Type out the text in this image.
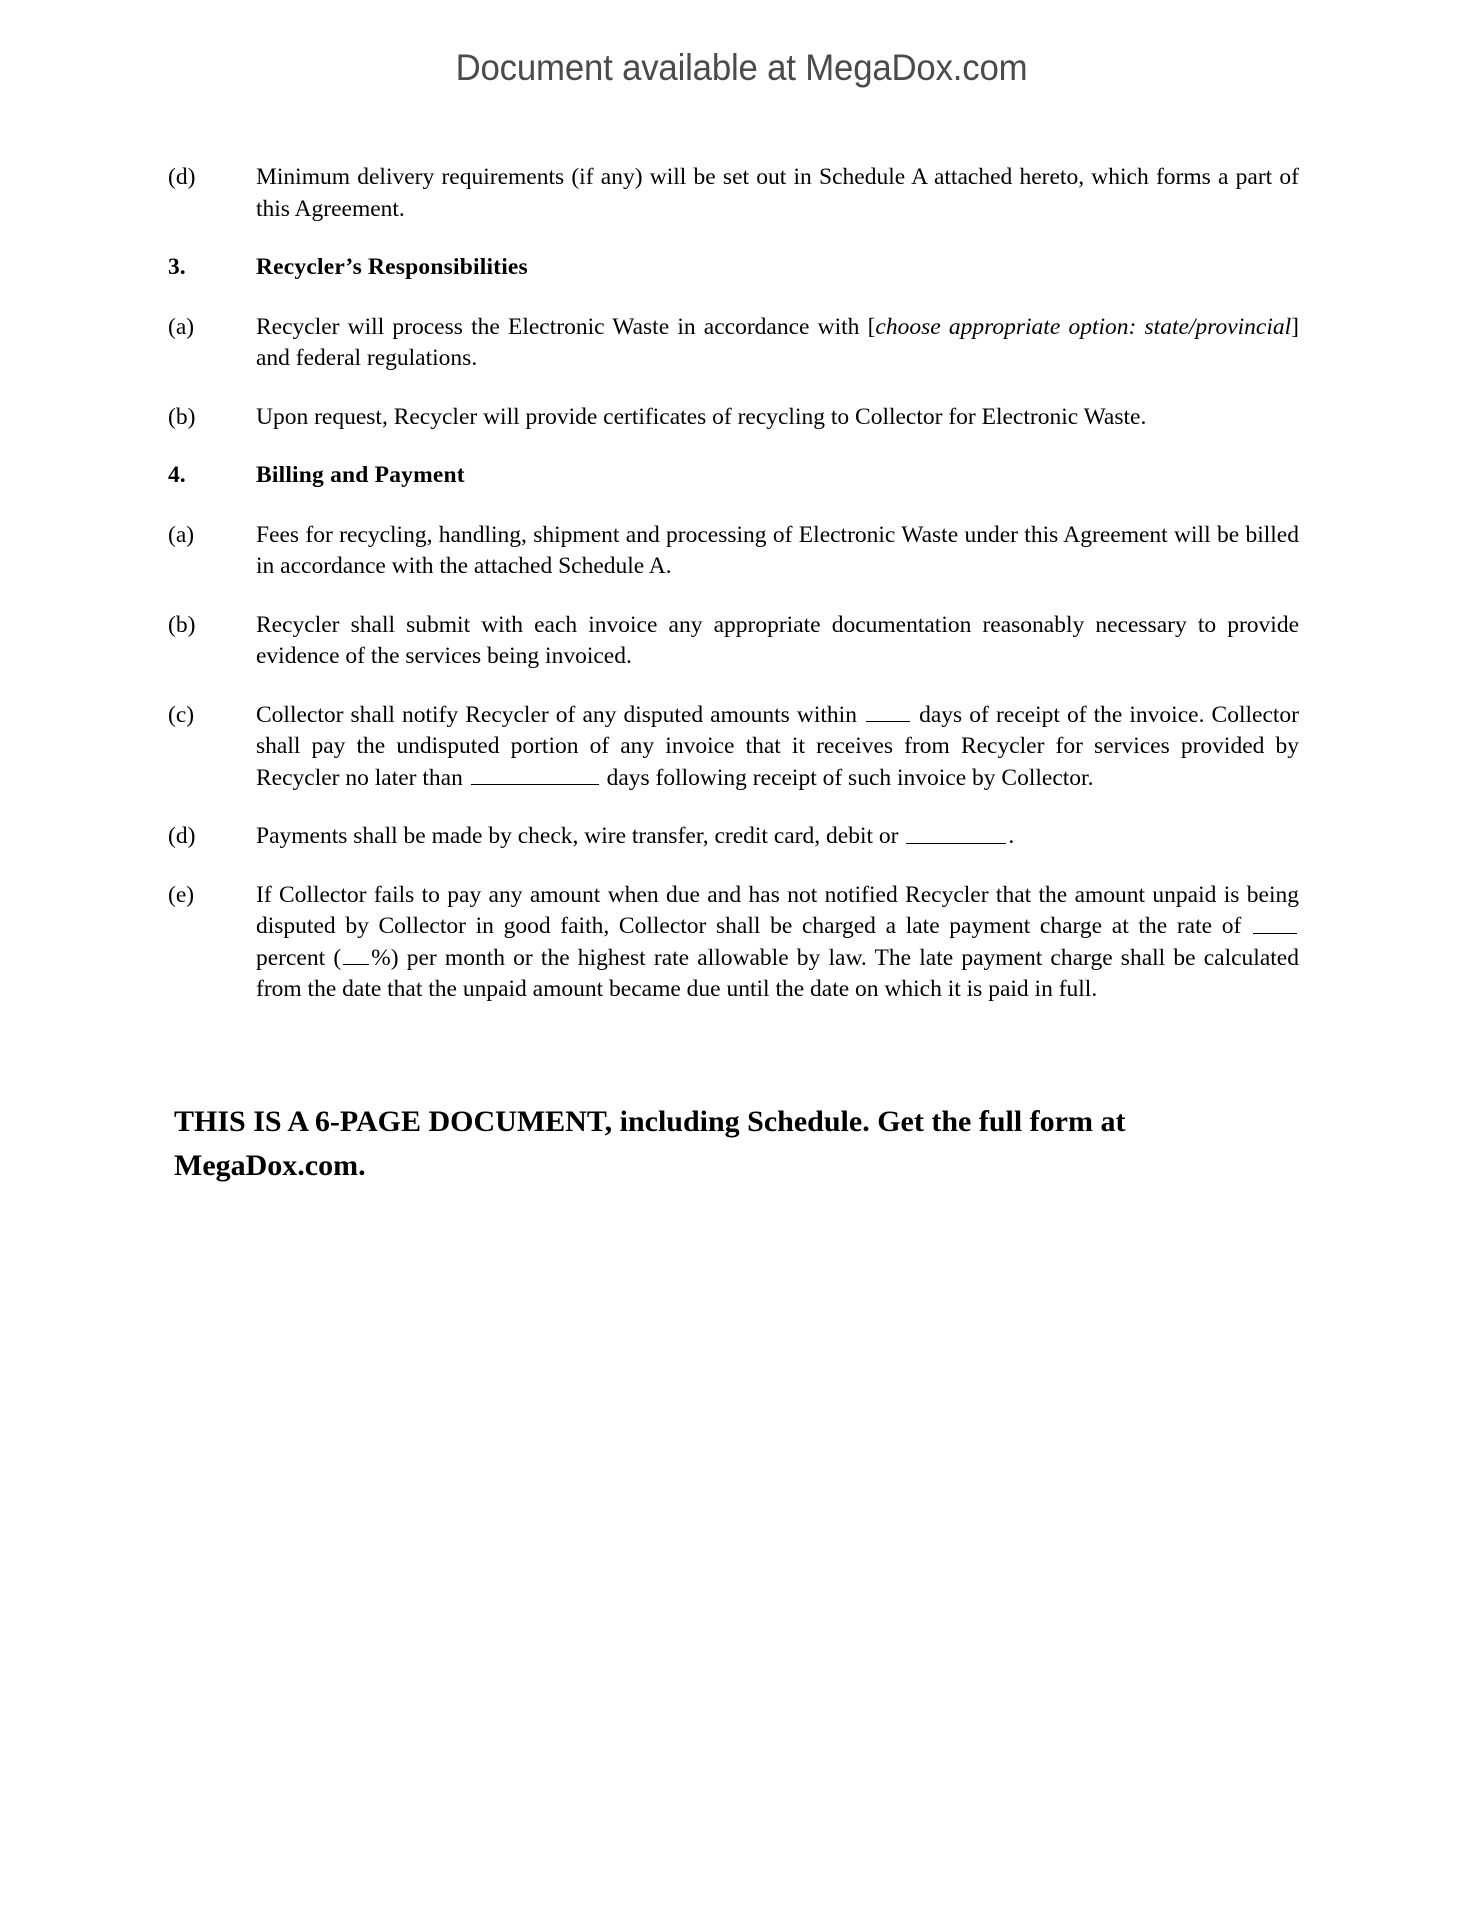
Document available at MegaDox.com
(d)	Minimum delivery requirements (if any) will be set out in Schedule A attached hereto, which forms a part of this Agreement.
3.	Recycler’s Responsibilities
(a)	Recycler will process the Electronic Waste in accordance with [choose appropriate option: state/provincial] and federal regulations.
(b)	Upon request, Recycler will provide certificates of recycling to Collector for Electronic Waste.
4.	Billing and Payment
(a)	Fees for recycling, handling, shipment and processing of Electronic Waste under this Agreement will be billed in accordance with the attached Schedule A.
(b)	Recycler shall submit with each invoice any appropriate documentation reasonably necessary to provide evidence of the services being invoiced.
(c)	Collector shall notify Recycler of any disputed amounts within   days of receipt of the invoice. Collector shall pay the undisputed portion of any invoice that it receives from Recycler for services provided by Recycler no later than	days following receipt of such invoice by Collector.
(d)	Payments shall be made by check, wire transfer, credit card, debit or	.
(e)	If Collector fails to pay any amount when due and has not notified Recycler that the amount unpaid is being disputed by Collector in good faith, Collector shall be charged a late payment charge at the rate of   percent ( %) per month or the highest rate allowable by law. The late payment charge shall be calculated from the date that the unpaid amount became due until the date on which it is paid in full.
THIS IS A 6-PAGE DOCUMENT, including Schedule. Get the full form at MegaDox.com.
